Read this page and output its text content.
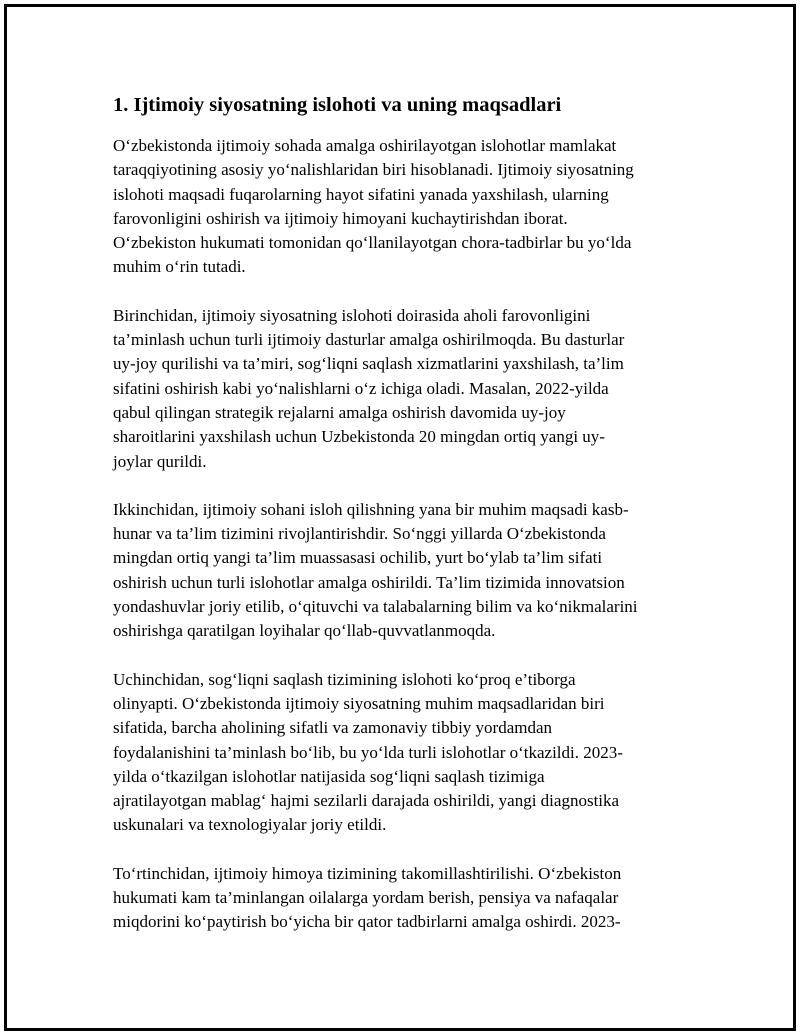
1. Ijtimoiy siyosatning islohoti va uning maqsadlari

O‘zbekistonda ijtimoiy sohada amalga oshirilayotgan islohotlar mamlakat
taraqqiyotining asosiy yo‘nalishlaridan biri hisoblanadi. Ijtimoiy siyosatning
islohoti maqsadi fuqarolarning hayot sifatini yanada yaxshilash, ularning
farovonligini oshirish va ijtimoiy himoyani kuchaytirishdan iborat.
O‘zbekiston hukumati tomonidan qo‘llanilayotgan chora-tadbirlar bu yo‘lda
muhim o‘rin tutadi.

Birinchidan, ijtimoiy siyosatning islohoti doirasida aholi farovonligini
ta’minlash uchun turli ijtimoiy dasturlar amalga oshirilmoqda. Bu dasturlar
uy-joy qurilishi va ta’miri, sog‘liqni saqlash xizmatlarini yaxshilash, ta’lim
sifatini oshirish kabi yo‘nalishlarni o‘z ichiga oladi. Masalan, 2022-yilda
qabul qilingan strategik rejalarni amalga oshirish davomida uy-joy
sharoitlarini yaxshilash uchun Uzbekistonda 20 mingdan ortiq yangi uy-
joylar qurildi.

Ikkinchidan, ijtimoiy sohani isloh qilishning yana bir muhim maqsadi kasb-
hunar va ta’lim tizimini rivojlantirishdir. So‘nggi yillarda O‘zbekistonda
mingdan ortiq yangi ta’lim muassasasi ochilib, yurt bo‘ylab ta’lim sifati
oshirish uchun turli islohotlar amalga oshirildi. Ta’lim tizimida innovatsion
yondashuvlar joriy etilib, o‘qituvchi va talabalarning bilim va ko‘nikmalarini
oshirishga qaratilgan loyihalar qo‘llab-quvvatlanmoqda.

Uchinchidan, sog‘liqni saqlash tizimining islohoti ko‘proq e’tiborga
olinyapti. O‘zbekistonda ijtimoiy siyosatning muhim maqsadlaridan biri
sifatida, barcha aholining sifatli va zamonaviy tibbiy yordamdan
foydalanishini ta’minlash bo‘lib, bu yo‘lda turli islohotlar o‘tkazildi. 2023-
yilda o‘tkazilgan islohotlar natijasida sog‘liqni saqlash tizimiga
ajratilayotgan mablag‘ hajmi sezilarli darajada oshirildi, yangi diagnostika
uskunalari va texnologiyalar joriy etildi.

To‘rtinchidan, ijtimoiy himoya tizimining takomillashtirilishi. O‘zbekiston
hukumati kam ta’minlangan oilalarga yordam berish, pensiya va nafaqalar
miqdorini ko‘paytirish bo‘yicha bir qator tadbirlarni amalga oshirdi. 2023-
